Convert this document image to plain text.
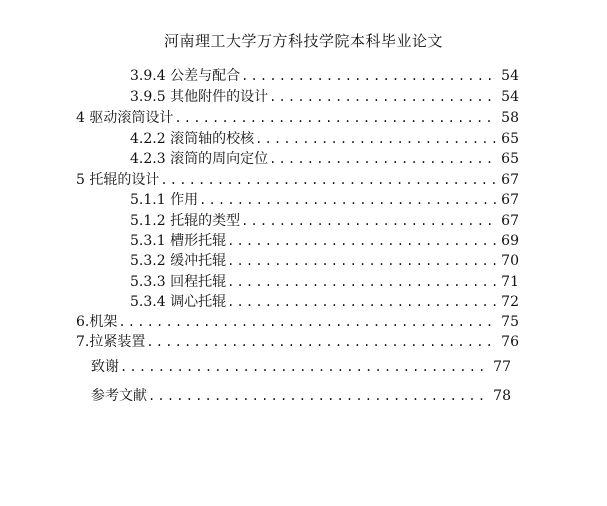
河南理工大学万方科技学院本科毕业论文
3.9.4 公差与配合 .....	54
3.9.5 其他附件的设计 .....	54
4 驱动滚筒设计 .....	58
4.2.2 滚筒轴的校核 .....	65
4.2.3 滚筒的周向定位 .....	65
5 托辊的设计 .....	67
5.1.1 作用 .....	67
5.1.2 托辊的类型 .....	67
5.3.1 槽形托辊 .....	69
5.3.2 缓冲托辊 .....	70
5.3.3 回程托辊 .....	71
5.3.4 调心托辊 .....	72
6.机架 .....	75
7.拉紧装置 .....	76
致谢 .....	77
参考文献 .....	78
